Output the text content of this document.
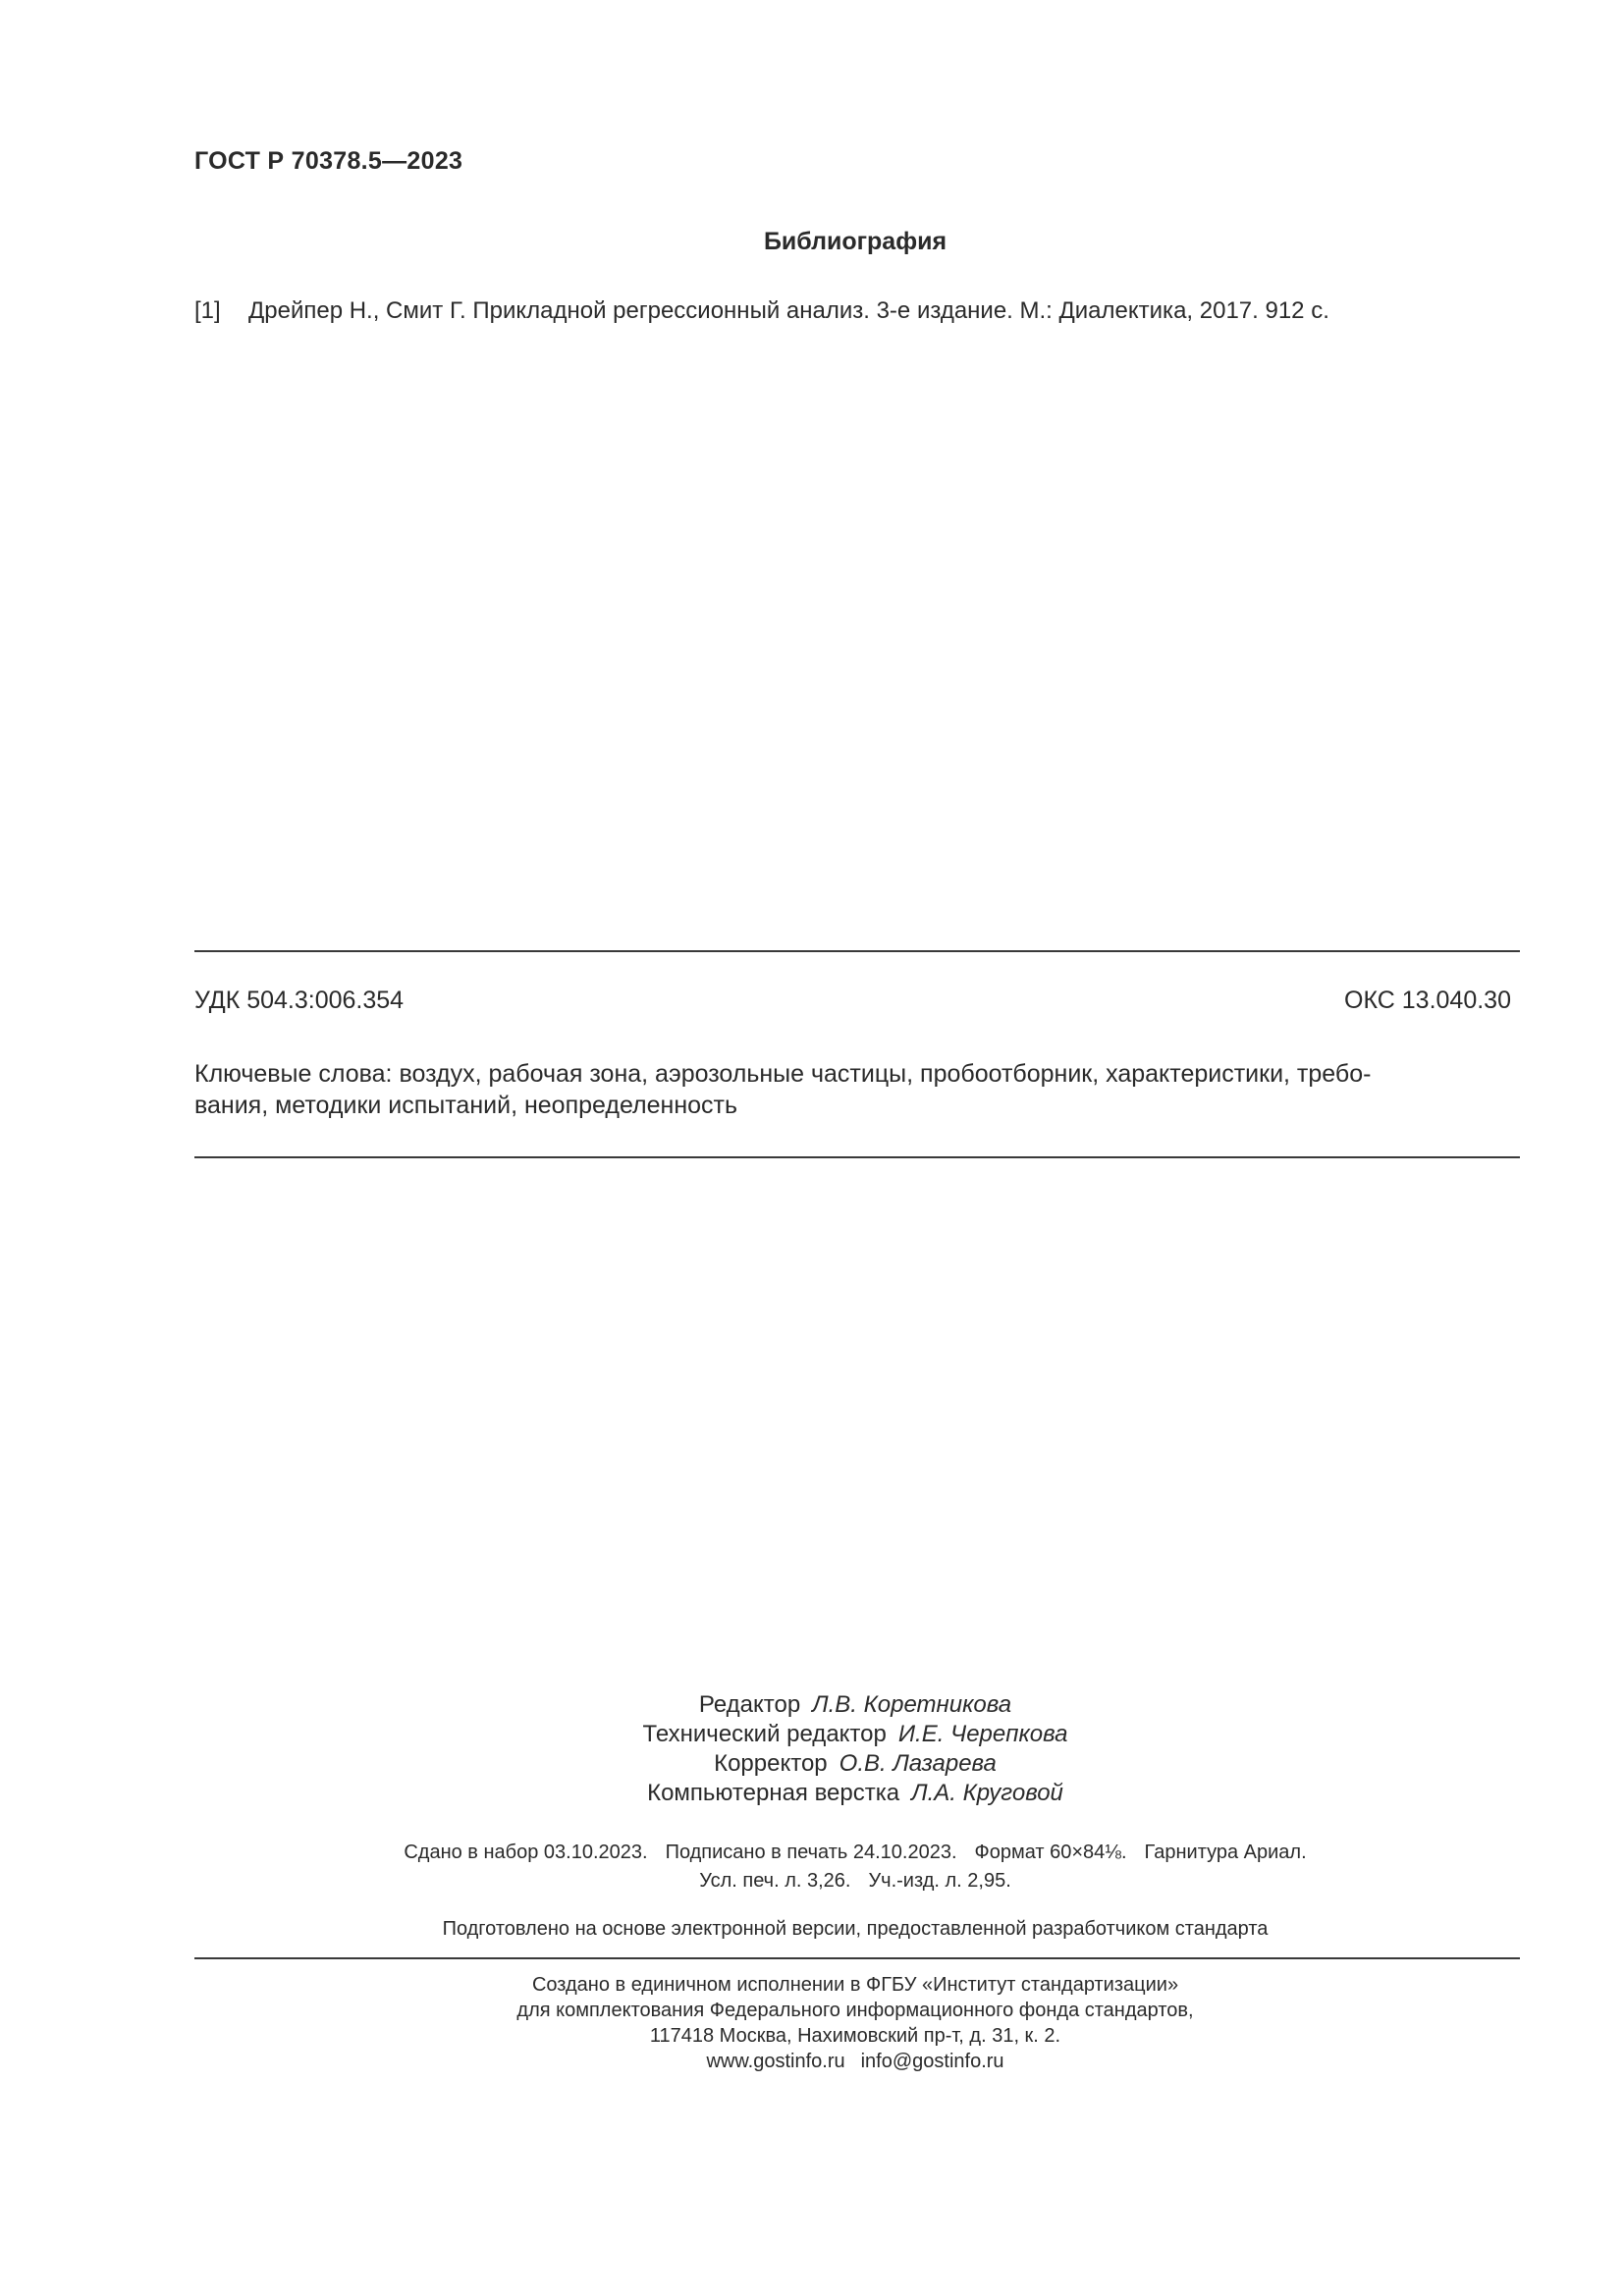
ГОСТ Р 70378.5—2023
Библиография
[1]	Дрейпер Н., Смит Г. Прикладной регрессионный анализ. 3-е издание. М.: Диалектика, 2017. 912 с.
УДК 504.3:006.354	ОКС 13.040.30
Ключевые слова: воздух, рабочая зона, аэрозольные частицы, пробоотборник, характеристики, требо-
вания, методики испытаний, неопределенность
Редактор Л.В. Коретникова
Технический редактор И.Е. Черепкова
Корректор О.В. Лазарева
Компьютерная верстка Л.А. Круговой
Сдано в набор 03.10.2023. Подписано в печать 24.10.2023. Формат 60×84⅛. Гарнитура Ариал.
Усл. печ. л. 3,26. Уч.-изд. л. 2,95.
Подготовлено на основе электронной версии, предоставленной разработчиком стандарта
Создано в единичном исполнении в ФГБУ «Институт стандартизации»
для комплектования Федерального информационного фонда стандартов,
117418 Москва, Нахимовский пр-т, д. 31, к. 2.
www.gostinfo.ru info@gostinfo.ru
